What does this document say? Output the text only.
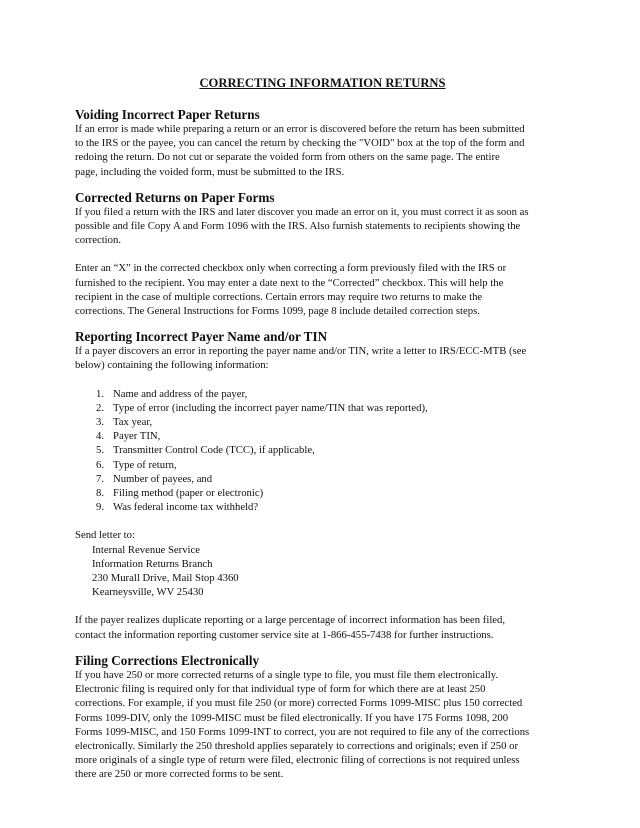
CORRECTING INFORMATION RETURNS
Voiding Incorrect Paper Returns

If an error is made while preparing a return or an error is discovered before the return has been submitted

to the IRS or the payee, you can cancel the return by checking the "VOID" box at the top of the form and

redoing the return. Do not cut or separate the voided form from others on the same page. The entire

page, including the voided form, must be submitted to the IRS.

Corrected Returns on Paper Forms

If you filed a return with the IRS and later discover you made an error on it, you must correct it as soon as

possible and file Copy A and Form 1096 with the IRS. Also furnish statements to recipients showing the

correction.

Enter an “X” in the corrected checkbox only when correcting a form previously filed with the IRS or

furnished to the recipient. You may enter a date next to the “Corrected” checkbox. This will help the

recipient in the case of multiple corrections. Certain errors may require two returns to make the

corrections. The General Instructions for Forms 1099, page 8 include detailed correction steps.

Reporting Incorrect Payer Name and/or TIN

If a payer discovers an error in reporting the payer name and/or TIN, write a letter to IRS/ECC-MTB (see

below) containing the following information:

1. Name and address of the payer,
2. Type of error (including the incorrect payer name/TIN that was reported),
3. Tax year,
4. Payer TIN,
5. Transmitter Control Code (TCC), if applicable,
6. Type of return,
7. Number of payees, and
8. Filing method (paper or electronic)
9. Was federal income tax withheld?

Send letter to:

Internal Revenue Service

Information Returns Branch

230 Murall Drive, Mail Stop 4360

Kearneysville, WV 25430

If the payer realizes duplicate reporting or a large percentage of incorrect information has been filed,

contact the information reporting customer service site at 1-866-455-7438 for further instructions.

Filing Corrections Electronically

If you have 250 or more corrected returns of a single type to file, you must file them electronically.

Electronic filing is required only for that individual type of form for which there are at least 250

corrections. For example, if you must file 250 (or more) corrected Forms 1099-MISC plus 150 corrected

Forms 1099-DIV, only the 1099-MISC must be filed electronically. If you have 175 Forms 1098, 200

Forms 1099-MISC, and 150 Forms 1099-INT to correct, you are not required to file any of the corrections

electronically. Similarly the 250 threshold applies separately to corrections and originals; even if 250 or

more originals of a single type of return were filed, electronic filing of corrections is not required unless

there are 250 or more corrected forms to be sent.
